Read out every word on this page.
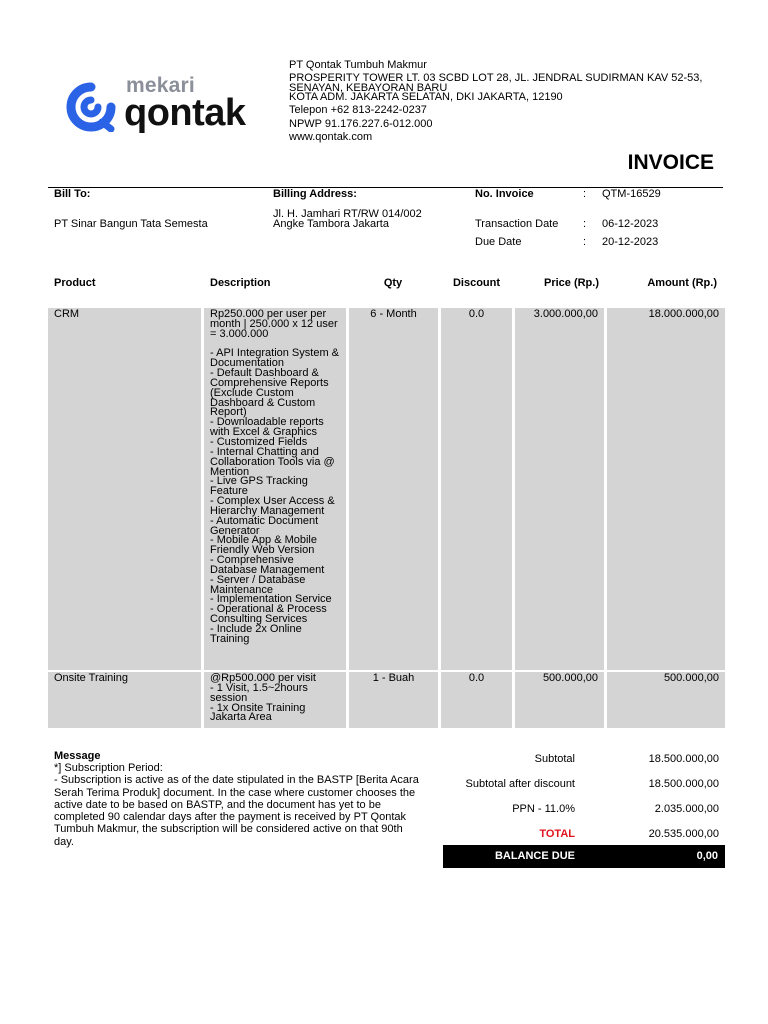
mekari
qontak
PT Qontak Tumbuh Makmur
PROSPERITY TOWER LT. 03 SCBD LOT 28, JL. JENDRAL SUDIRMAN KAV 52-53, SENAYAN, KEBAYORAN BARU
KOTA ADM. JAKARTA SELATAN, DKI JAKARTA, 12190
Telepon +62 813-2242-0237
NPWP 91.176.227.6-012.000
www.qontak.com
INVOICE
Bill To:
PT Sinar Bangun Tata Semesta
Billing Address:
Jl. H. Jamhari RT/RW 014/002
Angke Tambora Jakarta
No. Invoice	: QTM-16529
Transaction Date : 06-12-2023
Due Date	: 20-12-2023
Product	Description	Qty	Discount	Price (Rp.)	Amount (Rp.)
CRM	Rp250.000 per user per month | 250.000 x 12 user = 3.000.000

- API Integration System & Documentation
- Default Dashboard & Comprehensive Reports (Exclude Custom Dashboard & Custom Report)
- Downloadable reports with Excel & Graphics
- Customized Fields
- Internal Chatting and Collaboration Tools via @ Mention
- Live GPS Tracking Feature
- Complex User Access & Hierarchy Management
- Automatic Document Generator
- Mobile App & Mobile Friendly Web Version
- Comprehensive Database Management
- Server / Database Maintenance
- Implementation Service
- Operational & Process Consulting Services
- Include 2x Online Training
6 - Month	0.0	3.000.000,00	18.000.000,00
Onsite Training	@Rp500.000 per visit
- 1 Visit, 1.5~2hours session
- 1x Onsite Training Jakarta Area
1 - Buah	0.0	500.000,00	500.000,00
Message
*] Subscription Period:
- Subscription is active as of the date stipulated in the BASTP [Berita Acara Serah Terima Produk] document. In the case where customer chooses the active date to be based on BASTP, and the document has yet to be completed 90 calendar days after the payment is received by PT Qontak Tumbuh Makmur, the subscription will be considered active on that 90th day.
Subtotal	18.500.000,00
Subtotal after discount	18.500.000,00
PPN - 11.0%	2.035.000,00
TOTAL	20.535.000,00
BALANCE DUE	0,00
